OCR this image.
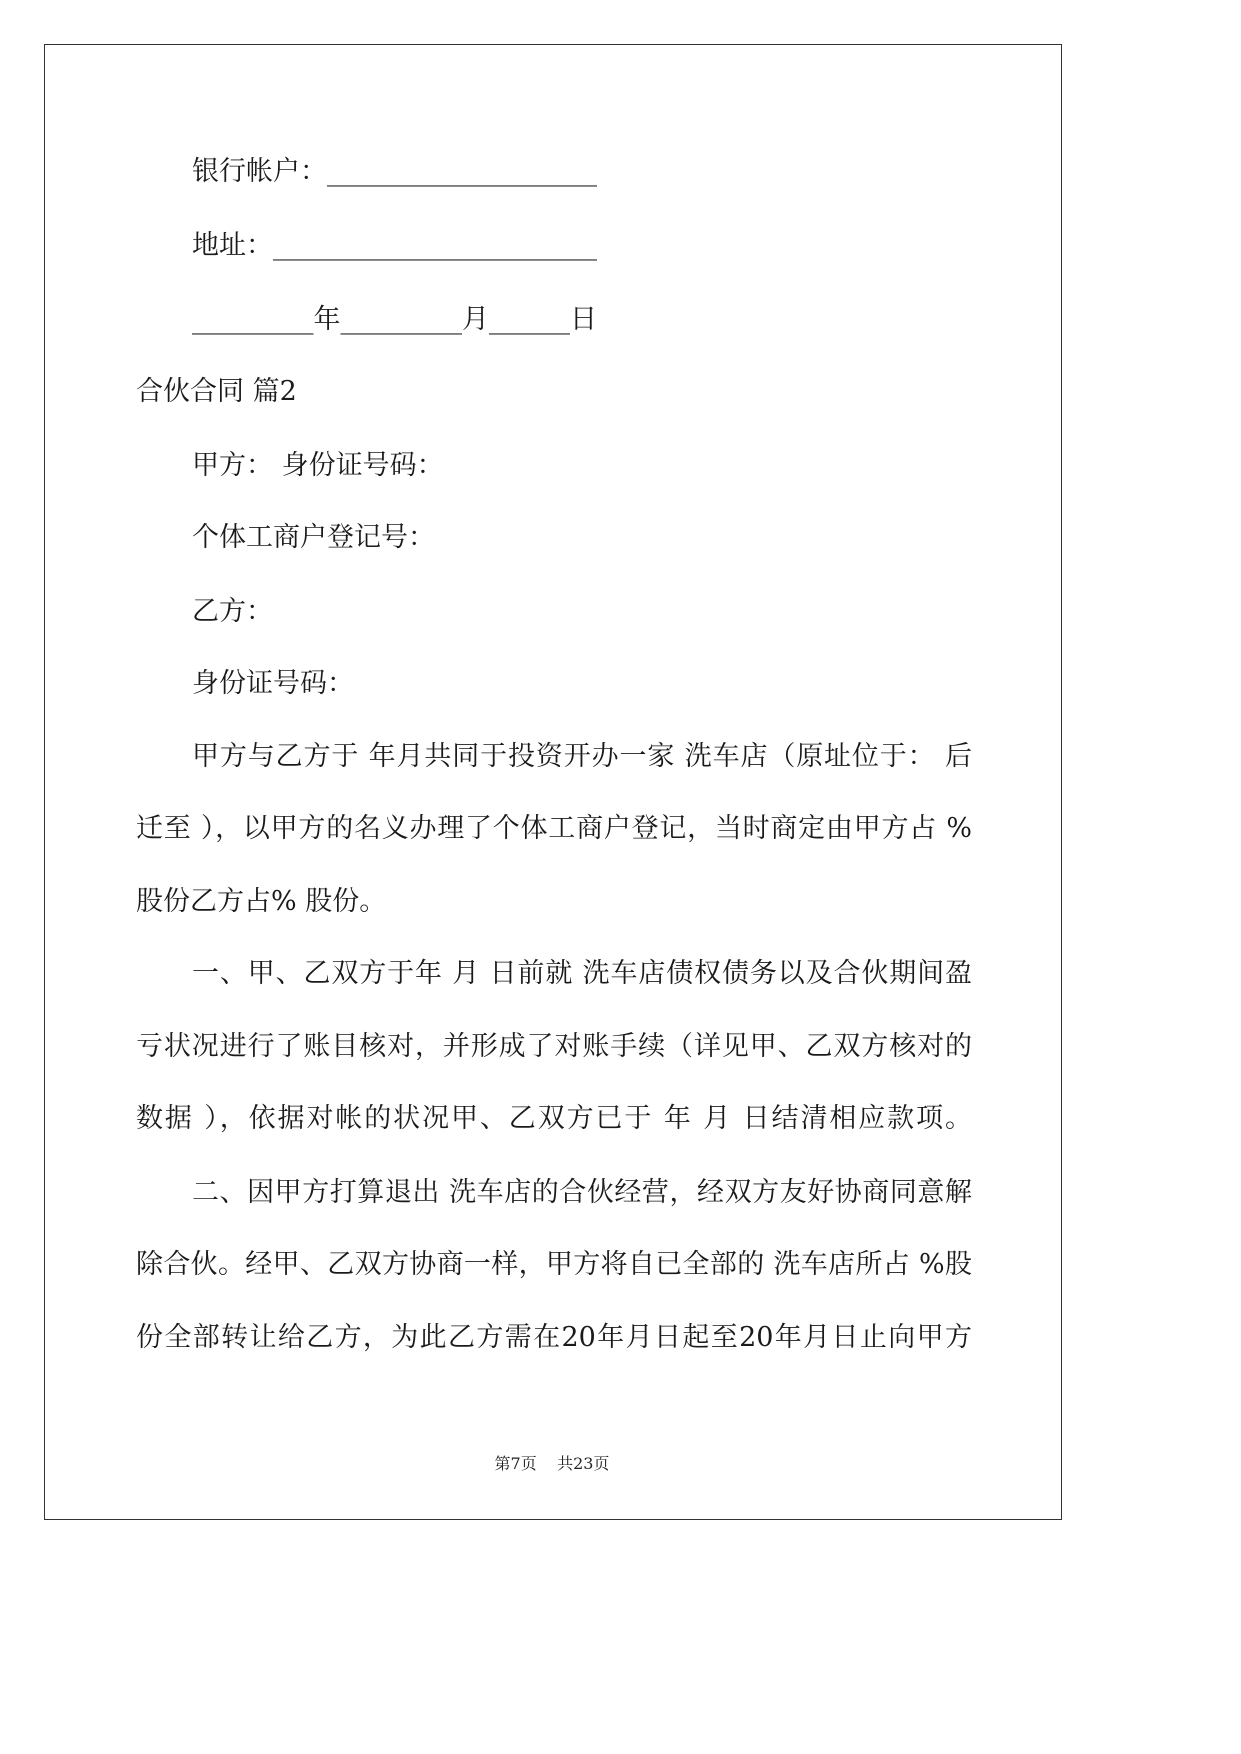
银行帐户：____________________
地址：________________________
_________年_________月______日
合伙合同 篇2
甲方： 身份证号码：
个体工商户登记号：
乙方：
身份证号码：
甲方与乙方于 年月共同于投资开办一家 洗车店（原址位于： 后
迁至 ），以甲方的名义办理了个体工商户登记，当时商定由甲方占 %
股份乙方占% 股份。
一、甲、乙双方于年 月 日前就 洗车店债权债务以及合伙期间盈
亏状况进行了账目核对，并形成了对账手续（详见甲、乙双方核对的
数据 ），依据对帐的状况甲、乙双方已于 年 月 日结清相应款项。
二、因甲方打算退出 洗车店的合伙经营，经双方友好协商同意解
除合伙。经甲、乙双方协商一样，甲方将自已全部的 洗车店所占 %股
份全部转让给乙方，为此乙方需在20年月日起至20年月日止向甲方
第7页    共23页
